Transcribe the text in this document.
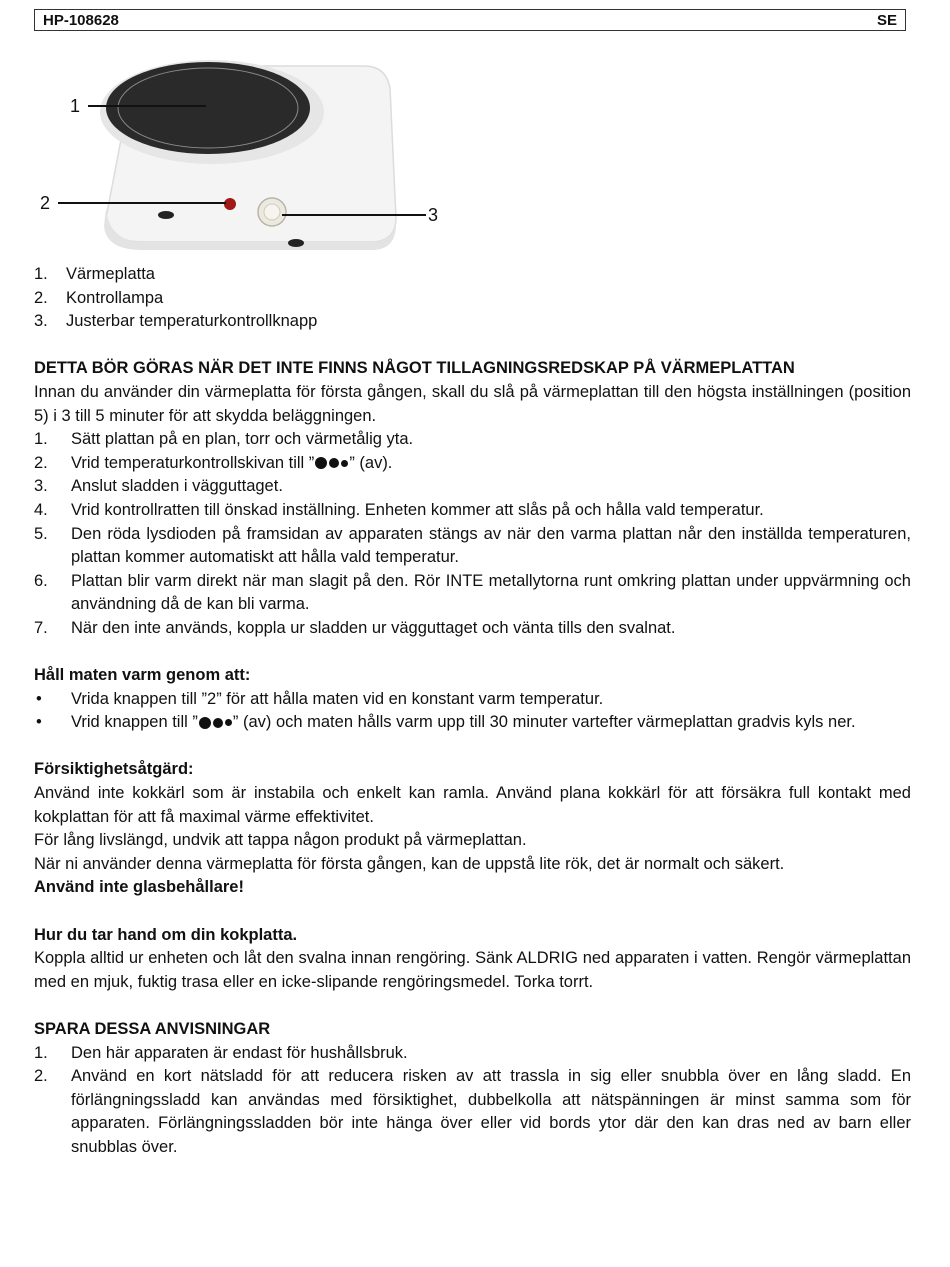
HP-108628	SE
1
2
3
1. Värmeplatta
2. Kontrollampa
3. Justerbar temperaturkontrollknapp
DETTA BÖR GÖRAS NÄR DET INTE FINNS NÅGOT TILLAGNINGSREDSKAP PÅ VÄRMEPLATTAN
Innan du använder din värmeplatta för första gången, skall du slå på värmeplattan till den högsta inställningen (position 5) i 3 till 5 minuter för att skydda beläggningen.
1. Sätt plattan på en plan, torr och värmetålig yta.
2. Vrid temperaturkontrollskivan till ” ” (av).
3. Anslut sladden i vägguttaget.
4. Vrid kontrollratten till önskad inställning. Enheten kommer att slås på och hålla vald temperatur.
5. Den röda lysdioden på framsidan av apparaten stängs av när den varma plattan når den inställda temperaturen, plattan kommer automatiskt att hålla vald temperatur.
6. Plattan blir varm direkt när man slagit på den. Rör INTE metallytorna runt omkring plattan under uppvärmning och användning då de kan bli varma.
7. När den inte används, koppla ur sladden ur vägguttaget och vänta tills den svalnat.
Håll maten varm genom att:
• Vrida knappen till ”2” för att hålla maten vid en konstant varm temperatur.
• Vrid knappen till ” ” (av) och maten hålls varm upp till 30 minuter vartefter värmeplattan gradvis kyls ner.
Försiktighetsåtgärd:
Använd inte kokkärl som är instabila och enkelt kan ramla. Använd plana kokkärl för att försäkra full kontakt med kokplattan för att få maximal värme effektivitet.
För lång livslängd, undvik att tappa någon produkt på värmeplattan.
När ni använder denna värmeplatta för första gången, kan de uppstå lite rök, det är normalt och säkert.
Använd inte glasbehållare!
Hur du tar hand om din kokplatta.
Koppla alltid ur enheten och låt den svalna innan rengöring. Sänk ALDRIG ned apparaten i vatten. Rengör värmeplattan med en mjuk, fuktig trasa eller en icke-slipande rengöringsmedel. Torka torrt.
SPARA DESSA ANVISNINGAR
1. Den här apparaten är endast för hushållsbruk.
2. Använd en kort nätsladd för att reducera risken av att trassla in sig eller snubbla över en lång sladd. En förlängningssladd kan användas med försiktighet, dubbelkolla att nätspänningen är minst samma som för apparaten. Förlängningssladden bör inte hänga över eller vid bords ytor där den kan dras ned av barn eller snubblas över.
